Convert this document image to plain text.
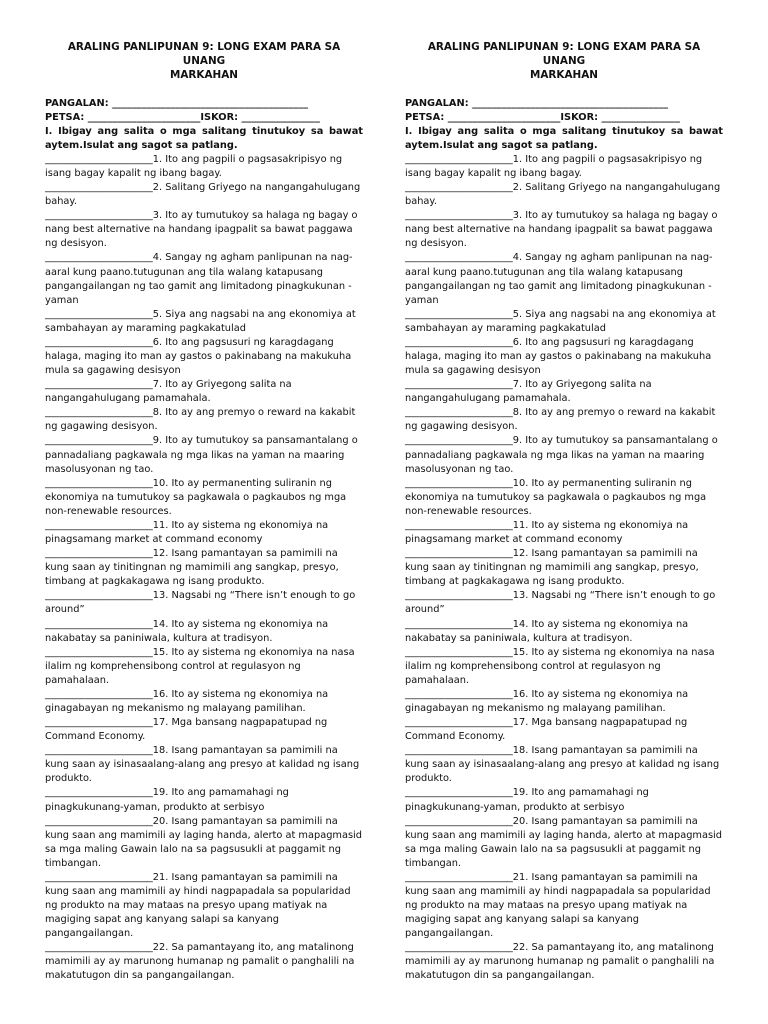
ARALING PANLIPUNAN 9: LONG EXAM PARA SA UNANG
MARKAHAN

PANGALAN: ________________________________________
PETSA: _______________________ISKOR: ________________
I. Ibigay ang salita o mga salitang tinutukoy sa bawat aytem.Isulat ang sagot sa patlang.

______________________1. Ito ang pagpili o pagsasakripisyo ng isang bagay kapalit ng ibang bagay.

______________________2. Salitang Griyego na nangangahulugang bahay.

______________________3. Ito ay tumutukoy sa halaga ng bagay o nang best alternative na handang ipagpalit sa bawat paggawa ng desisyon.

______________________4. Sangay ng agham panlipunan na nag-aaral kung paano.tutugunan ang tila walang katapusang pangangailangan ng tao gamit ang limitadong pinagkukunan -yaman

______________________5. Siya ang nagsabi na ang ekonomiya at sambahayan ay maraming pagkakatulad

______________________6. Ito ang pagsusuri ng karagdagang halaga, maging ito man ay gastos o pakinabang na makukuha mula sa gagawing desisyon

______________________7. Ito ay Griyegong salita na nangangahulugang pamamahala.

______________________8. Ito ay ang premyo o reward na kakabit ng gagawing desisyon.

______________________9. Ito ay tumutukoy sa pansamantalang o pannadaliang pagkawala ng mga likas na yaman na maaring masolusyonan ng tao.

______________________10. Ito ay permanenting suliranin ng ekonomiya na tumutukoy sa pagkawala o pagkaubos ng mga non-renewable resources.

______________________11. Ito ay sistema ng ekonomiya na pinagsamang market at command economy

______________________12. Isang pamantayan sa pamimili na kung saan ay tinitingnan ng mamimili ang sangkap, presyo, timbang at pagkakagawa ng isang produkto.

______________________13. Nagsabi ng “There isn’t enough to go around”

______________________14. Ito ay sistema ng ekonomiya na nakabatay sa paniniwala, kultura at tradisyon.

______________________15. Ito ay sistema ng ekonomiya na nasa ilalim ng komprehensibong control at regulasyon ng pamahalaan.

______________________16. Ito ay sistema ng ekonomiya na ginagabayan ng mekanismo ng malayang pamilihan.

______________________17. Mga bansang nagpapatupad ng Command Economy.

______________________18. Isang pamantayan sa pamimili na kung saan ay isinasaalang-alang ang presyo at kalidad ng isang produkto.

______________________19. Ito ang pamamahagi ng pinagkukunang-yaman, produkto at serbisyo

______________________20. Isang pamantayan sa pamimili na kung saan ang mamimili ay laging handa, alerto at mapagmasid sa mga maling Gawain lalo na sa pagsusukli at paggamit ng timbangan.

______________________21. Isang pamantayan sa pamimili na kung saan ang mamimili ay hindi nagpapadala sa popularidad ng produkto na may mataas na presyo upang matiyak na magiging sapat ang kanyang salapi sa kanyang pangangailangan.

______________________22. Sa pamantayang ito, ang matalinong mamimili ay ay marunong humanap ng pamalit o panghalili na makatutugon din sa pangangailangan.

ARALING PANLIPUNAN 9: LONG EXAM PARA SA UNANG
MARKAHAN

PANGALAN: ________________________________________
PETSA: _______________________ISKOR: ________________
I. Ibigay ang salita o mga salitang tinutukoy sa bawat aytem.Isulat ang sagot sa patlang.

______________________1. Ito ang pagpili o pagsasakripisyo ng isang bagay kapalit ng ibang bagay.

______________________2. Salitang Griyego na nangangahulugang bahay.

______________________3. Ito ay tumutukoy sa halaga ng bagay o nang best alternative na handang ipagpalit sa bawat paggawa ng desisyon.

______________________4. Sangay ng agham panlipunan na nag-aaral kung paano.tutugunan ang tila walang katapusang pangangailangan ng tao gamit ang limitadong pinagkukunan -yaman

______________________5. Siya ang nagsabi na ang ekonomiya at sambahayan ay maraming pagkakatulad

______________________6. Ito ang pagsusuri ng karagdagang halaga, maging ito man ay gastos o pakinabang na makukuha mula sa gagawing desisyon

______________________7. Ito ay Griyegong salita na nangangahulugang pamamahala.

______________________8. Ito ay ang premyo o reward na kakabit ng gagawing desisyon.

______________________9. Ito ay tumutukoy sa pansamantalang o pannadaliang pagkawala ng mga likas na yaman na maaring masolusyonan ng tao.

______________________10. Ito ay permanenting suliranin ng ekonomiya na tumutukoy sa pagkawala o pagkaubos ng mga non-renewable resources.

______________________11. Ito ay sistema ng ekonomiya na pinagsamang market at command economy

______________________12. Isang pamantayan sa pamimili na kung saan ay tinitingnan ng mamimili ang sangkap, presyo, timbang at pagkakagawa ng isang produkto.

______________________13. Nagsabi ng “There isn’t enough to go around”

______________________14. Ito ay sistema ng ekonomiya na nakabatay sa paniniwala, kultura at tradisyon.

______________________15. Ito ay sistema ng ekonomiya na nasa ilalim ng komprehensibong control at regulasyon ng pamahalaan.

______________________16. Ito ay sistema ng ekonomiya na ginagabayan ng mekanismo ng malayang pamilihan.

______________________17. Mga bansang nagpapatupad ng Command Economy.

______________________18. Isang pamantayan sa pamimili na kung saan ay isinasaalang-alang ang presyo at kalidad ng isang produkto.

______________________19. Ito ang pamamahagi ng pinagkukunang-yaman, produkto at serbisyo

______________________20. Isang pamantayan sa pamimili na kung saan ang mamimili ay laging handa, alerto at mapagmasid sa mga maling Gawain lalo na sa pagsusukli at paggamit ng timbangan.

______________________21. Isang pamantayan sa pamimili na kung saan ang mamimili ay hindi nagpapadala sa popularidad ng produkto na may mataas na presyo upang matiyak na magiging sapat ang kanyang salapi sa kanyang pangangailangan.

______________________22. Sa pamantayang ito, ang matalinong mamimili ay ay marunong humanap ng pamalit o panghalili na makatutugon din sa pangangailangan.
